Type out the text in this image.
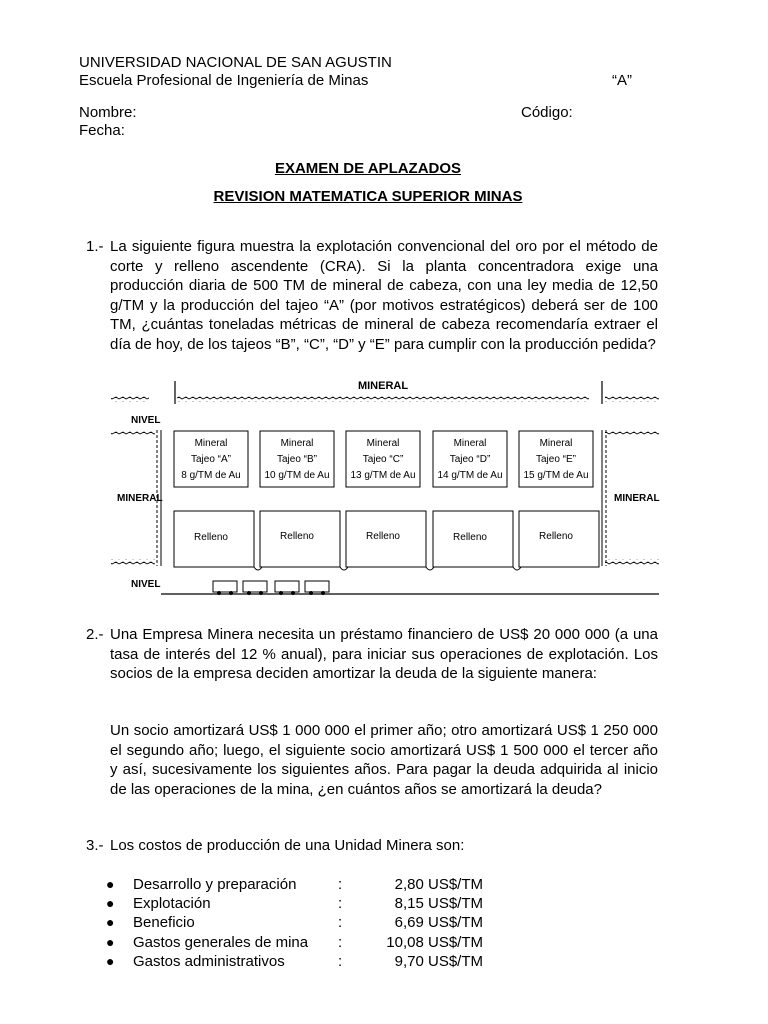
UNIVERSIDAD NACIONAL DE SAN AGUSTIN
Escuela Profesional de Ingeniería de Minas	“A”
Nombre:	Código:
Fecha:
EXAMEN DE APLAZADOS
REVISION MATEMATICA SUPERIOR MINAS
1.- La siguiente figura muestra la explotación convencional del oro por el método de corte y relleno ascendente (CRA). Si la planta concentradora exige una producción diaria de 500 TM de mineral de cabeza, con una ley media de 12,50 g/TM y la producción del tajeo “A” (por motivos estratégicos) deberá ser de 100 TM, ¿cuántas toneladas métricas de mineral de cabeza recomendaría extraer el día de hoy, de los tajeos “B”, “C”, “D” y “E” para cumplir con la producción pedida?
MINERAL
NIVEL
MINERAL	MINERAL
Mineral
Tajeo “A”
8 g/TM de Au
Relleno
Mineral
Tajeo “B”
10 g/TM de Au
Relleno
Mineral
Tajeo “C”
13 g/TM de Au
Relleno
Mineral
Tajeo “D”
14 g/TM de Au
Relleno
Mineral
Tajeo “E”
15 g/TM de Au
Relleno
NIVEL
2.- Una Empresa Minera necesita un préstamo financiero de US$ 20 000 000 (a una tasa de interés del 12 % anual), para iniciar sus operaciones de explotación. Los socios de la empresa deciden amortizar la deuda de la siguiente manera:
Un socio amortizará US$ 1 000 000 el primer año; otro amortizará US$ 1 250 000 el segundo año; luego, el siguiente socio amortizará US$ 1 500 000 el tercer año y así, sucesivamente los siguientes años. Para pagar la deuda adquirida al inicio de las operaciones de la mina, ¿en cuántos años se amortizará la deuda?
3.- Los costos de producción de una Unidad Minera son:
● Desarrollo y preparación	:	2,80 US$/TM
● Explotación	:	8,15 US$/TM
● Beneficio	:	6,69 US$/TM
● Gastos generales de mina :	10,08 US$/TM
● Gastos administrativos	:	9,70 US$/TM
